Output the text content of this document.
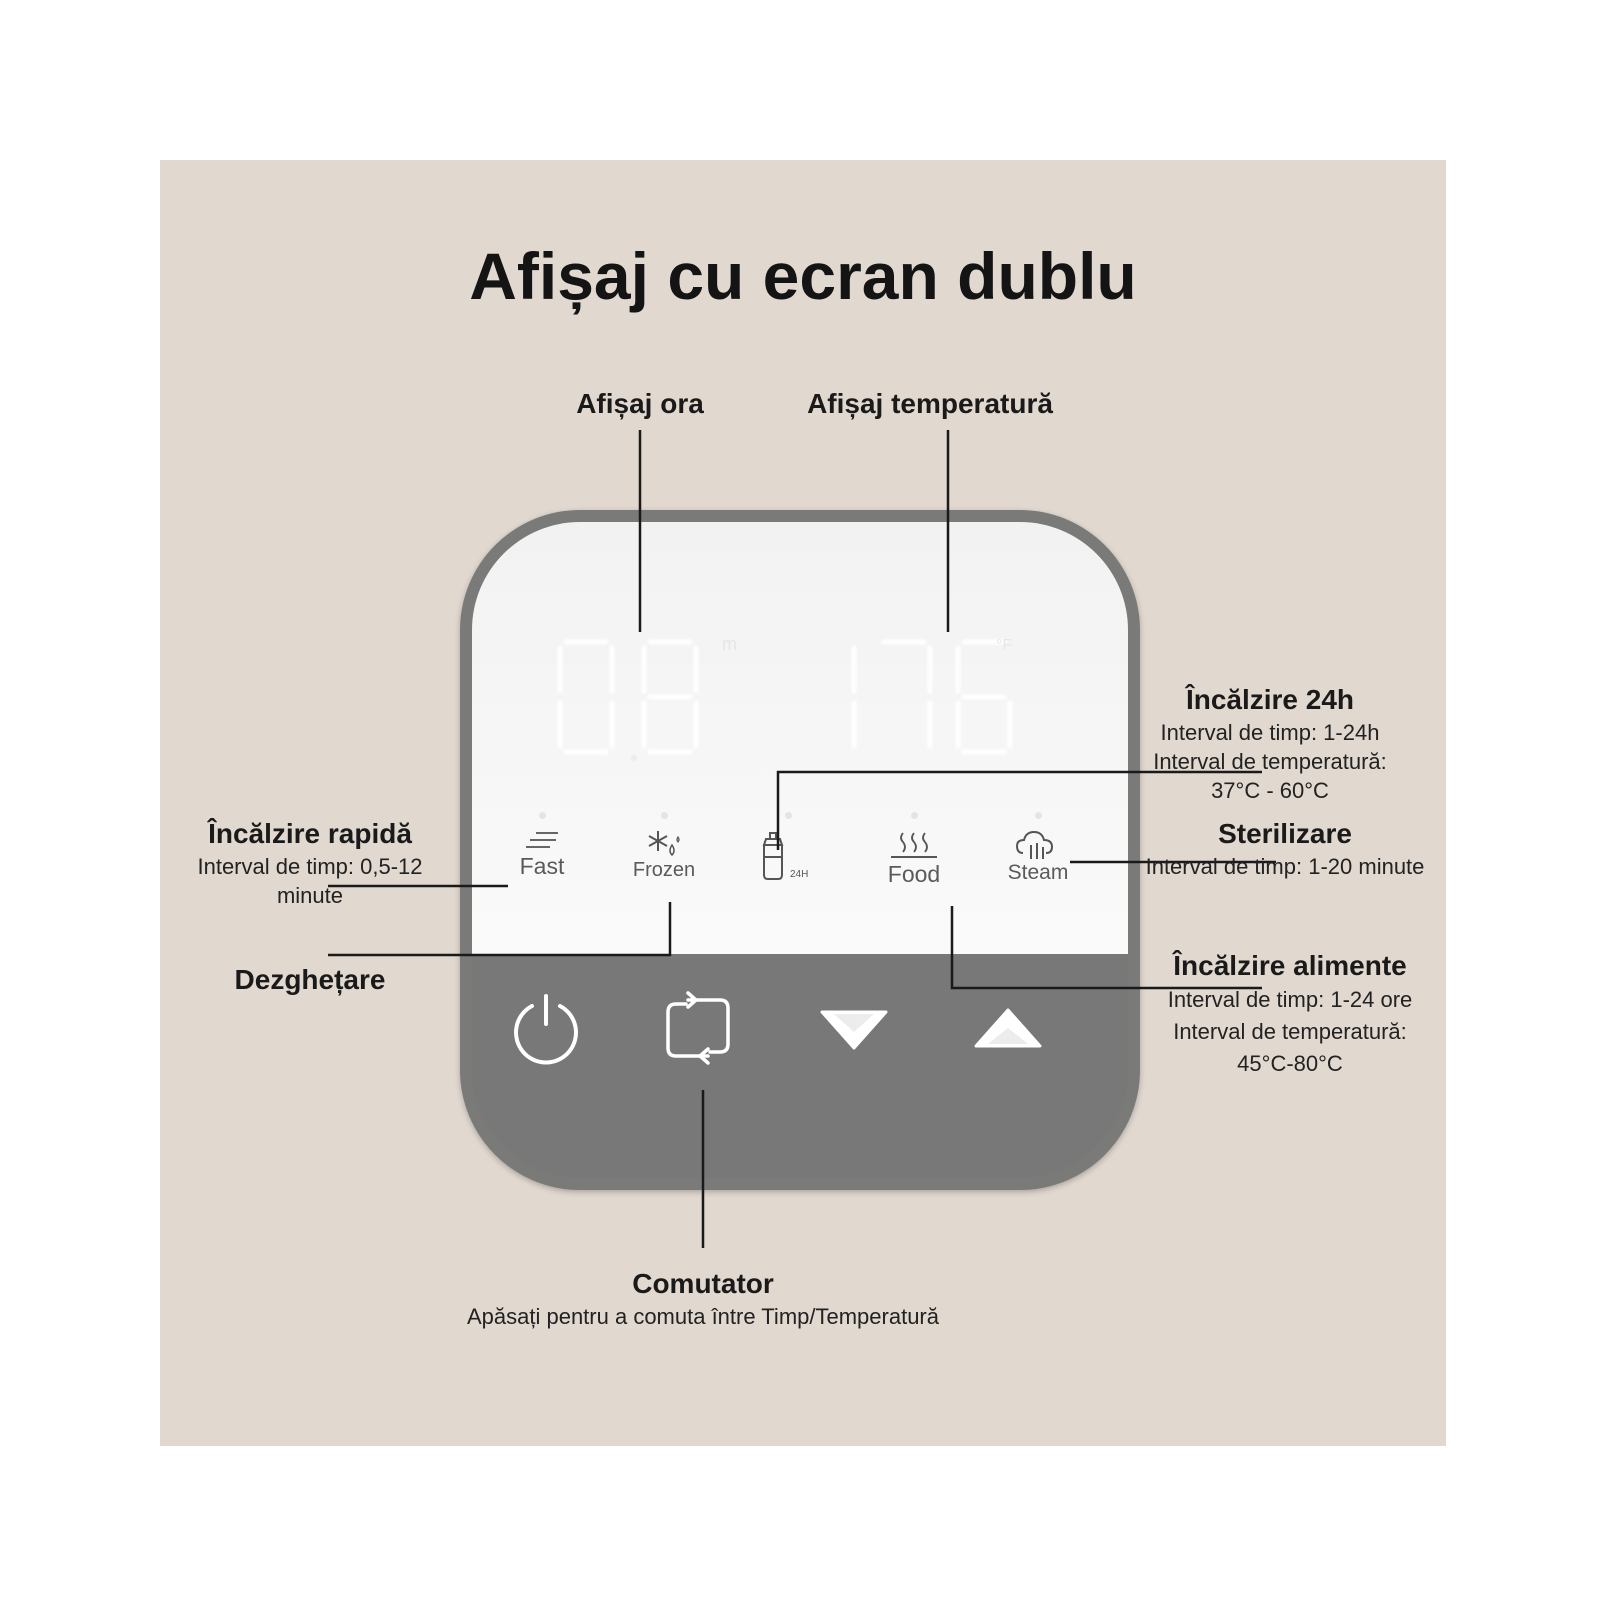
Afișaj cu ecran dublu
m	°F
Fast	Frozen	24H	Food	Steam
Afișaj ora	Afișaj temperatură
Încălzire 24h
Interval de timp: 1-24h
Interval de temperatură:
37°C - 60°C
Încălzire rapidă
Interval de timp: 0,5-12
minute
Sterilizare
Interval de timp: 1-20 minute
Dezghețare	Încălzire alimente
Interval de timp: 1-24 ore
Interval de temperatură:
45°C-80°C
Comutator
Apăsați pentru a comuta între Timp/Temperatură
